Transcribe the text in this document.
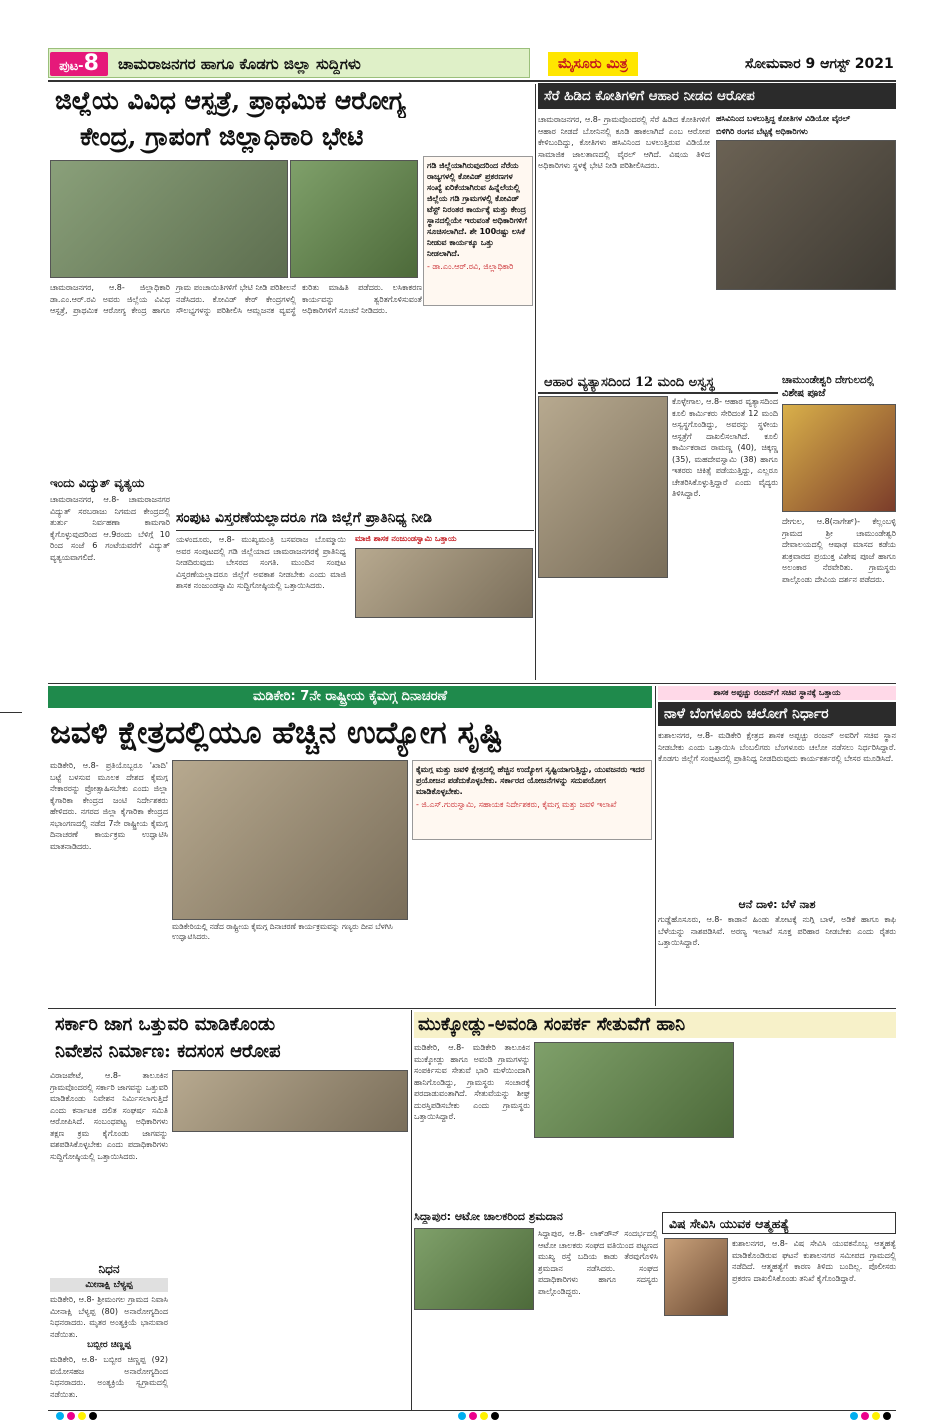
ಪುಟ-8	ಚಾಮರಾಜನಗರ ಹಾಗೂ ಕೊಡಗು ಜಿಲ್ಲಾ ಸುದ್ದಿಗಳು	ಮೈಸೂರು ಮಿತ್ರ	ಸೋಮವಾರ 9 ಆಗಸ್ಟ್ 2021
ಜಿಲ್ಲೆಯ ವಿವಿಧ ಆಸ್ಪತ್ರೆ, ಪ್ರಾಥಮಿಕ ಆರೋಗ್ಯ
ಕೇಂದ್ರ, ಗ್ರಾಪಂಗೆ ಜಿಲ್ಲಾಧಿಕಾರಿ ಭೇಟಿ
ಗಡಿ ಜಿಲ್ಲೆಯಾಗಿರುವುದರಿಂದ ನೆರೆಯ ರಾಜ್ಯಗಳಲ್ಲಿ ಕೋವಿಡ್ ಪ್ರಕರಣಗಳ ಸಂಖ್ಯೆ ಏರಿಕೆಯಾಗಿರುವ ಹಿನ್ನೆಲೆಯಲ್ಲಿ ಜಿಲ್ಲೆಯ ಗಡಿ ಗ್ರಾಮಗಳಲ್ಲಿ ಕೋವಿಡ್ ಟೆಸ್ಟ್ ನಿರಂತರ ಕಾರ್ಯಕ್ಕೆ ಮತ್ತು ಕೇಂದ್ರ ಸ್ಥಾನದಲ್ಲಿಯೇ ಇರುವಂತೆ ಅಧಿಕಾರಿಗಳಿಗೆ ಸೂಚಿಸಲಾಗಿದೆ. ಶೇ 100ರಷ್ಟು ಲಸಿಕೆ ನೀಡುವ ಕಾರ್ಯಕ್ಕೂ ಒತ್ತು ನೀಡಲಾಗಿದೆ.
- ಡಾ.ಎಂ.ಆರ್.ರವಿ, ಜಿಲ್ಲಾಧಿಕಾರಿ
ಚಾಮರಾಜನಗರ, ಆ.8- ಜಿಲ್ಲಾಧಿಕಾರಿ ಡಾ.ಎಂ.ಆರ್.ರವಿ ಅವರು ಜಿಲ್ಲೆಯ ವಿವಿಧ ಆಸ್ಪತ್ರೆ, ಪ್ರಾಥಮಿಕ ಆರೋಗ್ಯ ಕೇಂದ್ರ ಹಾಗೂ ಗ್ರಾಮ ಪಂಚಾಯಿತಿಗಳಿಗೆ ಭೇಟಿ ನೀಡಿ ಪರಿಶೀಲನೆ ನಡೆಸಿದರು. ಕೋವಿಡ್ ಕೇರ್ ಕೇಂದ್ರಗಳಲ್ಲಿ ಸೌಲಭ್ಯಗಳನ್ನು ಪರಿಶೀಲಿಸಿ ಆಮ್ಲಜನಕ ವ್ಯವಸ್ಥೆ ಕುರಿತು ಮಾಹಿತಿ ಪಡೆದರು. ಲಸಿಕಾಕರಣ ಕಾರ್ಯವನ್ನು ತ್ವರಿತಗೊಳಿಸುವಂತೆ ಅಧಿಕಾರಿಗಳಿಗೆ ಸೂಚನೆ ನೀಡಿದರು.
ಇಂದು ವಿದ್ಯುತ್ ವ್ಯತ್ಯಯ
ಚಾಮರಾಜನಗರ, ಆ.8- ಚಾಮರಾಜನಗರ ವಿದ್ಯುತ್ ಸರಬರಾಜು ನಿಗಮದ ಕೇಂದ್ರದಲ್ಲಿ ತುರ್ತು ನಿರ್ವಹಣಾ ಕಾಮಗಾರಿ ಕೈಗೊಳ್ಳುವುದರಿಂದ ಆ.9ರಂದು ಬೆಳಿಗ್ಗೆ 10 ರಿಂದ ಸಂಜೆ 6 ಗಂಟೆಯವರೆಗೆ ವಿದ್ಯುತ್ ವ್ಯತ್ಯಯವಾಗಲಿದೆ.
ಸಂಪುಟ ವಿಸ್ತರಣೆಯಲ್ಲಾದರೂ ಗಡಿ ಜಿಲ್ಲೆಗೆ ಪ್ರಾತಿನಿಧ್ಯ ನೀಡಿ
ಯಳಂದೂರು, ಆ.8- ಮುಖ್ಯಮಂತ್ರಿ ಬಸವರಾಜ ಬೊಮ್ಮಾಯಿ ಅವರ ಸಂಪುಟದಲ್ಲಿ ಗಡಿ ಜಿಲ್ಲೆಯಾದ ಚಾಮರಾಜನಗರಕ್ಕೆ ಪ್ರಾತಿನಿಧ್ಯ ನೀಡದಿರುವುದು ಬೇಸರದ ಸಂಗತಿ. ಮುಂದಿನ ಸಂಪುಟ ವಿಸ್ತರಣೆಯಲ್ಲಾದರೂ ಜಿಲ್ಲೆಗೆ ಅವಕಾಶ ನೀಡಬೇಕು ಎಂದು ಮಾಜಿ ಶಾಸಕ ನಂಜುಂಡಸ್ವಾಮಿ ಸುದ್ದಿಗೋಷ್ಠಿಯಲ್ಲಿ ಒತ್ತಾಯಿಸಿದರು.
ಮಾಜಿ ಶಾಸಕ ನಂಜುಂಡಸ್ವಾಮಿ ಒತ್ತಾಯ
ಸೆರೆ ಹಿಡಿದ ಕೋತಿಗಳಿಗೆ ಆಹಾರ ನೀಡದ ಆರೋಪ
ಚಾಮರಾಜನಗರ, ಆ.8- ಗ್ರಾಮವೊಂದರಲ್ಲಿ ಸೆರೆ ಹಿಡಿದ ಕೋತಿಗಳಿಗೆ ಆಹಾರ ನೀಡದೆ ಬೋನಿನಲ್ಲಿ ಕೂಡಿ ಹಾಕಲಾಗಿದೆ ಎಂಬ ಆರೋಪ ಕೇಳಿಬಂದಿದ್ದು, ಕೋತಿಗಳು ಹಸಿವಿನಿಂದ ಬಳಲುತ್ತಿರುವ ವಿಡಿಯೋ ಸಾಮಾಜಿಕ ಜಾಲತಾಣದಲ್ಲಿ ವೈರಲ್ ಆಗಿದೆ. ವಿಷಯ ತಿಳಿದ ಅಧಿಕಾರಿಗಳು ಸ್ಥಳಕ್ಕೆ ಭೇಟಿ ನೀಡಿ ಪರಿಶೀಲಿಸಿದರು.
ಹಸಿವಿನಿಂದ ಬಳಲುತ್ತಿದ್ದ ಕೋತಿಗಳ ವಿಡಿಯೋ ವೈರಲ್
ಬಿಳಿಗಿರಿ ರಂಗನ ಬೆಟ್ಟಕ್ಕೆ ಅಧಿಕಾರಿಗಳು
ಆಹಾರ ವ್ಯತ್ಯಾಸದಿಂದ 12 ಮಂದಿ ಅಸ್ವಸ್ಥ
ಕೊಳ್ಳೇಗಾಲ, ಆ.8- ಆಹಾರ ವ್ಯತ್ಯಾಸದಿಂದ ಕೂಲಿ ಕಾರ್ಮಿಕರು ಸೇರಿದಂತೆ 12 ಮಂದಿ ಅಸ್ವಸ್ಥಗೊಂಡಿದ್ದು, ಅವರನ್ನು ಸ್ಥಳೀಯ ಆಸ್ಪತ್ರೆಗೆ ದಾಖಲಿಸಲಾಗಿದೆ. ಕೂಲಿ ಕಾರ್ಮಿಕರಾದ ರಾಮಣ್ಣ (40), ಚಿಕ್ಕಣ್ಣ (35), ಮಹದೇವಸ್ವಾಮಿ (38) ಹಾಗೂ ಇತರರು ಚಿಕಿತ್ಸೆ ಪಡೆಯುತ್ತಿದ್ದು, ಎಲ್ಲರೂ ಚೇತರಿಸಿಕೊಳ್ಳುತ್ತಿದ್ದಾರೆ ಎಂದು ವೈದ್ಯರು ತಿಳಿಸಿದ್ದಾರೆ.
ಚಾಮುಂಡೇಶ್ವರಿ ದೇಗುಲದಲ್ಲಿ ವಿಶೇಷ ಪೂಜೆ
ದೇಗುಲ, ಆ.8(ನಾಗೇಶ್)- ಕೆಲ್ಲಂಬಳ್ಳಿ ಗ್ರಾಮದ ಶ್ರೀ ಚಾಮುಂಡೇಶ್ವರಿ ದೇವಾಲಯದಲ್ಲಿ ಆಷಾಢ ಮಾಸದ ಕಡೆಯ ಶುಕ್ರವಾರದ ಪ್ರಯುಕ್ತ ವಿಶೇಷ ಪೂಜೆ ಹಾಗೂ ಅಲಂಕಾರ ನೆರವೇರಿತು. ಗ್ರಾಮಸ್ಥರು ಪಾಲ್ಗೊಂಡು ದೇವಿಯ ದರ್ಶನ ಪಡೆದರು.
ಮಡಿಕೇರಿ: 7ನೇ ರಾಷ್ಟ್ರೀಯ ಕೈಮಗ್ಗ ದಿನಾಚರಣೆ
ಜವಳಿ ಕ್ಷೇತ್ರದಲ್ಲಿಯೂ ಹೆಚ್ಚಿನ ಉದ್ಯೋಗ ಸೃಷ್ಟಿ
ಮಡಿಕೇರಿ, ಆ.8- ಪ್ರತಿಯೊಬ್ಬರೂ 'ಖಾದಿ' ಬಟ್ಟೆ ಬಳಸುವ ಮೂಲಕ ದೇಶದ ಕೈಮಗ್ಗ ನೇಕಾರರನ್ನು ಪ್ರೋತ್ಸಾಹಿಸಬೇಕು ಎಂದು ಜಿಲ್ಲಾ ಕೈಗಾರಿಕಾ ಕೇಂದ್ರದ ಜಂಟಿ ನಿರ್ದೇಶಕರು ಹೇಳಿದರು. ನಗರದ ಜಿಲ್ಲಾ ಕೈಗಾರಿಕಾ ಕೇಂದ್ರದ ಸಭಾಂಗಣದಲ್ಲಿ ನಡೆದ 7ನೇ ರಾಷ್ಟ್ರೀಯ ಕೈಮಗ್ಗ ದಿನಾಚರಣೆ ಕಾರ್ಯಕ್ರಮ ಉದ್ಘಾಟಿಸಿ ಮಾತನಾಡಿದರು.
ಮಡಿಕೇರಿಯಲ್ಲಿ ನಡೆದ ರಾಷ್ಟ್ರೀಯ ಕೈಮಗ್ಗ ದಿನಾಚರಣೆ ಕಾರ್ಯಕ್ರಮವನ್ನು ಗಣ್ಯರು ದೀಪ ಬೆಳಗಿಸಿ ಉದ್ಘಾಟಿಸಿದರು.
ಕೈಮಗ್ಗ ಮತ್ತು ಜವಳಿ ಕ್ಷೇತ್ರದಲ್ಲಿ ಹೆಚ್ಚಿನ ಉದ್ಯೋಗ ಸೃಷ್ಟಿಯಾಗುತ್ತಿದ್ದು, ಯುವಜನರು ಇದರ ಪ್ರಯೋಜನ ಪಡೆದುಕೊಳ್ಳಬೇಕು. ಸರ್ಕಾರದ ಯೋಜನೆಗಳನ್ನು ಸದುಪಯೋಗ ಮಾಡಿಕೊಳ್ಳಬೇಕು.
- ಜಿ.ಎಸ್.ಗುರುಸ್ವಾಮಿ, ಸಹಾಯಕ ನಿರ್ದೇಶಕರು, ಕೈಮಗ್ಗ ಮತ್ತು ಜವಳಿ ಇಲಾಖೆ
ಶಾಸಕ ಅಪ್ಪಚ್ಚು ರಂಜನ್‌ಗೆ ಸಚಿವ ಸ್ಥಾನಕ್ಕೆ ಒತ್ತಾಯ
ನಾಳೆ ಬೆಂಗಳೂರು ಚಲೋಗೆ ನಿರ್ಧಾರ
ಕುಶಾಲನಗರ, ಆ.8- ಮಡಿಕೇರಿ ಕ್ಷೇತ್ರದ ಶಾಸಕ ಅಪ್ಪಚ್ಚು ರಂಜನ್ ಅವರಿಗೆ ಸಚಿವ ಸ್ಥಾನ ನೀಡಬೇಕು ಎಂದು ಒತ್ತಾಯಿಸಿ ಬೆಂಬಲಿಗರು ಬೆಂಗಳೂರು ಚಲೋ ನಡೆಸಲು ನಿರ್ಧರಿಸಿದ್ದಾರೆ. ಕೊಡಗು ಜಿಲ್ಲೆಗೆ ಸಂಪುಟದಲ್ಲಿ ಪ್ರಾತಿನಿಧ್ಯ ನೀಡದಿರುವುದು ಕಾರ್ಯಕರ್ತರಲ್ಲಿ ಬೇಸರ ಮೂಡಿಸಿದೆ.
ಆನೆ ದಾಳಿ: ಬೆಳೆ ನಾಶ
ಗುಡ್ಡೆಹೊಸೂರು, ಆ.8- ಕಾಡಾನೆ ಹಿಂಡು ತೋಟಕ್ಕೆ ನುಗ್ಗಿ ಬಾಳೆ, ಅಡಿಕೆ ಹಾಗೂ ಕಾಫಿ ಬೆಳೆಯನ್ನು ನಾಶಪಡಿಸಿವೆ. ಅರಣ್ಯ ಇಲಾಖೆ ಸೂಕ್ತ ಪರಿಹಾರ ನೀಡಬೇಕು ಎಂದು ರೈತರು ಒತ್ತಾಯಿಸಿದ್ದಾರೆ.
ಸರ್ಕಾರಿ ಜಾಗ ಒತ್ತುವರಿ ಮಾಡಿಕೊಂಡು
ನಿವೇಶನ ನಿರ್ಮಾಣ: ಕದಸಂಸ ಆರೋಪ
ವಿರಾಜಪೇಟೆ, ಆ.8- ತಾಲೂಕಿನ ಗ್ರಾಮವೊಂದರಲ್ಲಿ ಸರ್ಕಾರಿ ಜಾಗವನ್ನು ಒತ್ತುವರಿ ಮಾಡಿಕೊಂಡು ನಿವೇಶನ ನಿರ್ಮಿಸಲಾಗುತ್ತಿದೆ ಎಂದು ಕರ್ನಾಟಕ ದಲಿತ ಸಂಘರ್ಷ ಸಮಿತಿ ಆರೋಪಿಸಿದೆ. ಸಂಬಂಧಪಟ್ಟ ಅಧಿಕಾರಿಗಳು ತಕ್ಷಣ ಕ್ರಮ ಕೈಗೊಂಡು ಜಾಗವನ್ನು ವಶಪಡಿಸಿಕೊಳ್ಳಬೇಕು ಎಂದು ಪದಾಧಿಕಾರಿಗಳು ಸುದ್ದಿಗೋಷ್ಠಿಯಲ್ಲಿ ಒತ್ತಾಯಿಸಿದರು.
ನಿಧನ
ಮೀನಾಕ್ಷಿ ಬೆಳ್ಯಪ್ಪ
ಮಡಿಕೇರಿ, ಆ.8- ಶ್ರೀಮಂಗಲ ಗ್ರಾಮದ ನಿವಾಸಿ ಮೀನಾಕ್ಷಿ ಬೆಳ್ಯಪ್ಪ (80) ಅನಾರೋಗ್ಯದಿಂದ ನಿಧನರಾದರು. ಮೃತರ ಅಂತ್ಯಕ್ರಿಯೆ ಭಾನುವಾರ ನಡೆಯಿತು.
ಬಬ್ಬೀರ ಚಿಣ್ಣಪ್ಪ
ಮಡಿಕೇರಿ, ಆ.8- ಬಬ್ಬೀರ ಚಿಣ್ಣಪ್ಪ (92) ವಯೋಸಹಜ ಅನಾರೋಗ್ಯದಿಂದ ನಿಧನರಾದರು. ಅಂತ್ಯಕ್ರಿಯೆ ಸ್ವಗ್ರಾಮದಲ್ಲಿ ನಡೆಯಿತು.
ಮುಕ್ಕೋಡ್ಲು-ಅವಂಡಿ ಸಂಪರ್ಕ ಸೇತುವೆಗೆ ಹಾನಿ
ಮಡಿಕೇರಿ, ಆ.8- ಮಡಿಕೇರಿ ತಾಲೂಕಿನ ಮುಕ್ಕೋಡ್ಲು ಹಾಗೂ ಅವಂಡಿ ಗ್ರಾಮಗಳನ್ನು ಸಂಪರ್ಕಿಸುವ ಸೇತುವೆ ಭಾರಿ ಮಳೆಯಿಂದಾಗಿ ಹಾನಿಗೊಂಡಿದ್ದು, ಗ್ರಾಮಸ್ಥರು ಸಂಚಾರಕ್ಕೆ ಪರದಾಡುವಂತಾಗಿದೆ. ಸೇತುವೆಯನ್ನು ಶೀಘ್ರ ದುರಸ್ತಿಪಡಿಸಬೇಕು ಎಂದು ಗ್ರಾಮಸ್ಥರು ಒತ್ತಾಯಿಸಿದ್ದಾರೆ.
ಸಿದ್ದಾಪುರ: ಆಟೋ ಚಾಲಕರಿಂದ ಶ್ರಮದಾನ
ಸಿದ್ದಾಪುರ, ಆ.8- ಲಾಕ್‌ಡೌನ್ ಸಂದರ್ಭದಲ್ಲಿ ಆಟೋ ಚಾಲಕರು ಸಂಘದ ವತಿಯಿಂದ ಪಟ್ಟಣದ ಮುಖ್ಯ ರಸ್ತೆ ಬದಿಯ ಕಾಡು ತೆರವುಗೊಳಿಸಿ ಶ್ರಮದಾನ ನಡೆಸಿದರು. ಸಂಘದ ಪದಾಧಿಕಾರಿಗಳು ಹಾಗೂ ಸದಸ್ಯರು ಪಾಲ್ಗೊಂಡಿದ್ದರು.
ವಿಷ ಸೇವಿಸಿ ಯುವಕ ಆತ್ಮಹತ್ಯೆ
ಕುಶಾಲನಗರ, ಆ.8- ವಿಷ ಸೇವಿಸಿ ಯುವಕನೊಬ್ಬ ಆತ್ಮಹತ್ಯೆ ಮಾಡಿಕೊಂಡಿರುವ ಘಟನೆ ಕುಶಾಲನಗರ ಸಮೀಪದ ಗ್ರಾಮದಲ್ಲಿ ನಡೆದಿದೆ. ಆತ್ಮಹತ್ಯೆಗೆ ಕಾರಣ ತಿಳಿದು ಬಂದಿಲ್ಲ. ಪೊಲೀಸರು ಪ್ರಕರಣ ದಾಖಲಿಸಿಕೊಂಡು ತನಿಖೆ ಕೈಗೊಂಡಿದ್ದಾರೆ.
